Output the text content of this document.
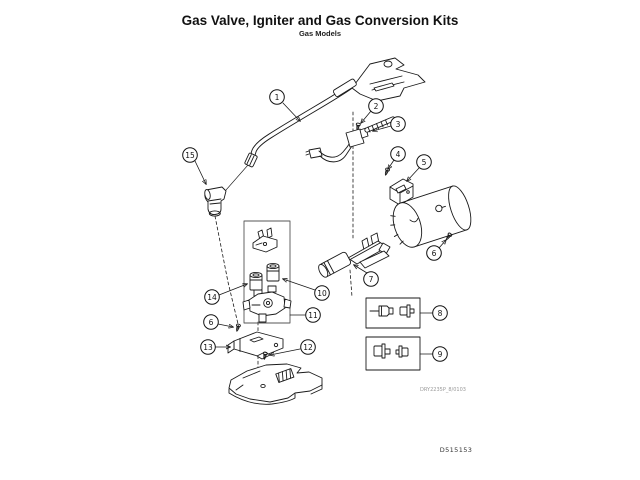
Gas Valve, Igniter and Gas Conversion Kits
Gas Models
1
2
3
4
5
6
6
7
8
9
10
11
12
13
14
15
DRY2235P_8/0103
D515153
